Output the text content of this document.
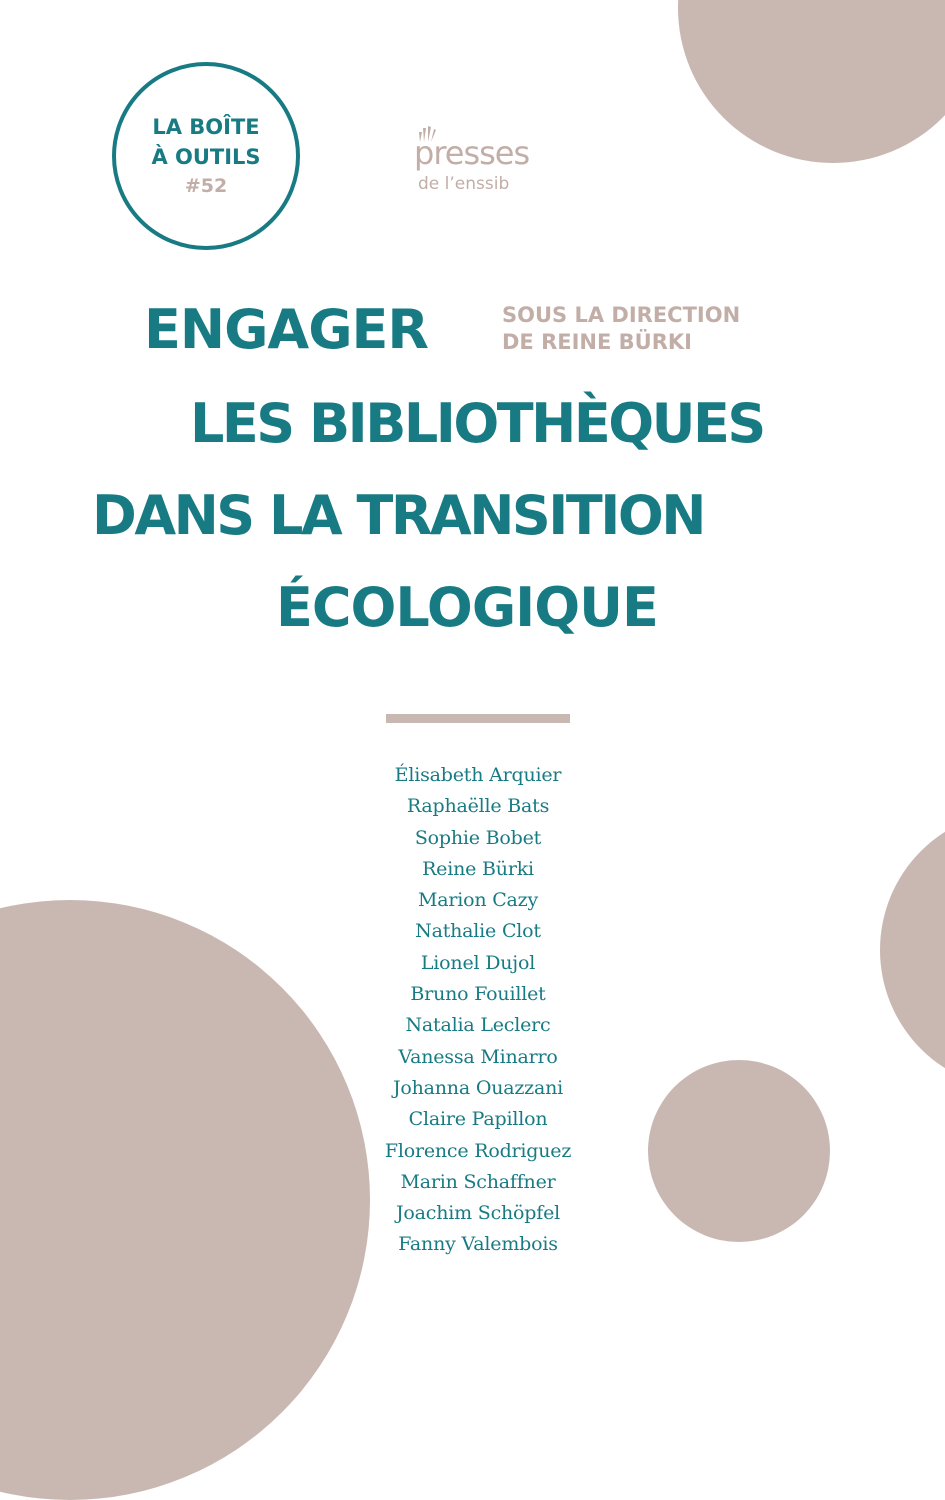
LA BOÎTE
À OUTILS
#52
presses
de l’enssib
ENGAGER
LES BIBLIOTHÈQUES
DANS LA TRANSITION
ÉCOLOGIQUE
SOUS LA DIRECTION
DE REINE BÜRKI
Élisabeth Arquier
Raphaëlle Bats
Sophie Bobet
Reine Bürki
Marion Cazy
Nathalie Clot
Lionel Dujol
Bruno Fouillet
Natalia Leclerc
Vanessa Minarro
Johanna Ouazzani
Claire Papillon
Florence Rodriguez
Marin Schaffner
Joachim Schöpfel
Fanny Valembois
